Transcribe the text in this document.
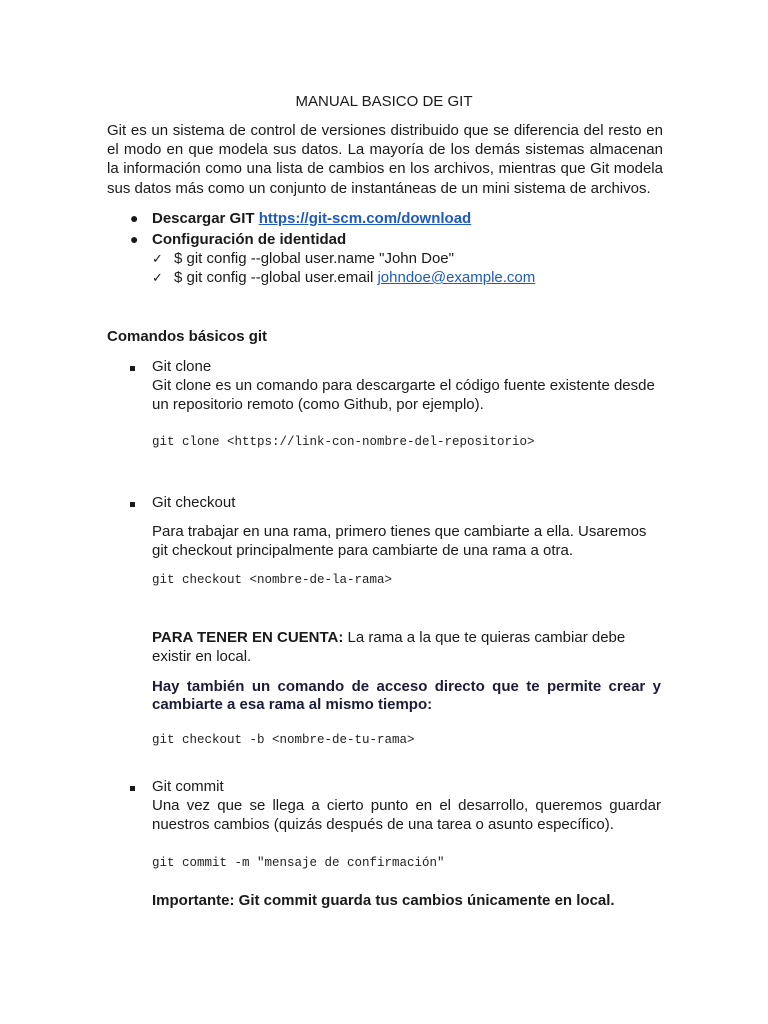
MANUAL BASICO DE GIT
Git es un sistema de control de versiones distribuido que se diferencia del resto en el modo en que modela sus datos. La mayoría de los demás sistemas almacenan la información como una lista de cambios en los archivos, mientras que Git modela sus datos más como un conjunto de instantáneas de un mini sistema de archivos.
● Descargar GIT https://git-scm.com/download
● Configuración de identidad
✓ $ git config --global user.name "John Doe"
✓ $ git config --global user.email johndoe@example.com
Comandos básicos git
Git clone
Git clone es un comando para descargarte el código fuente existente desde un repositorio remoto (como Github, por ejemplo).
git clone <https://link-con-nombre-del-repositorio>
Git checkout
Para trabajar en una rama, primero tienes que cambiarte a ella. Usaremos git checkout principalmente para cambiarte de una rama a otra.
git checkout <nombre-de-la-rama>
PARA TENER EN CUENTA: La rama a la que te quieras cambiar debe existir en local.
Hay también un comando de acceso directo que te permite crear y cambiarte a esa rama al mismo tiempo:
git checkout -b <nombre-de-tu-rama>
Git commit
Una vez que se llega a cierto punto en el desarrollo, queremos guardar nuestros cambios (quizás después de una tarea o asunto específico).
git commit -m "mensaje de confirmación"
Importante: Git commit guarda tus cambios únicamente en local.
